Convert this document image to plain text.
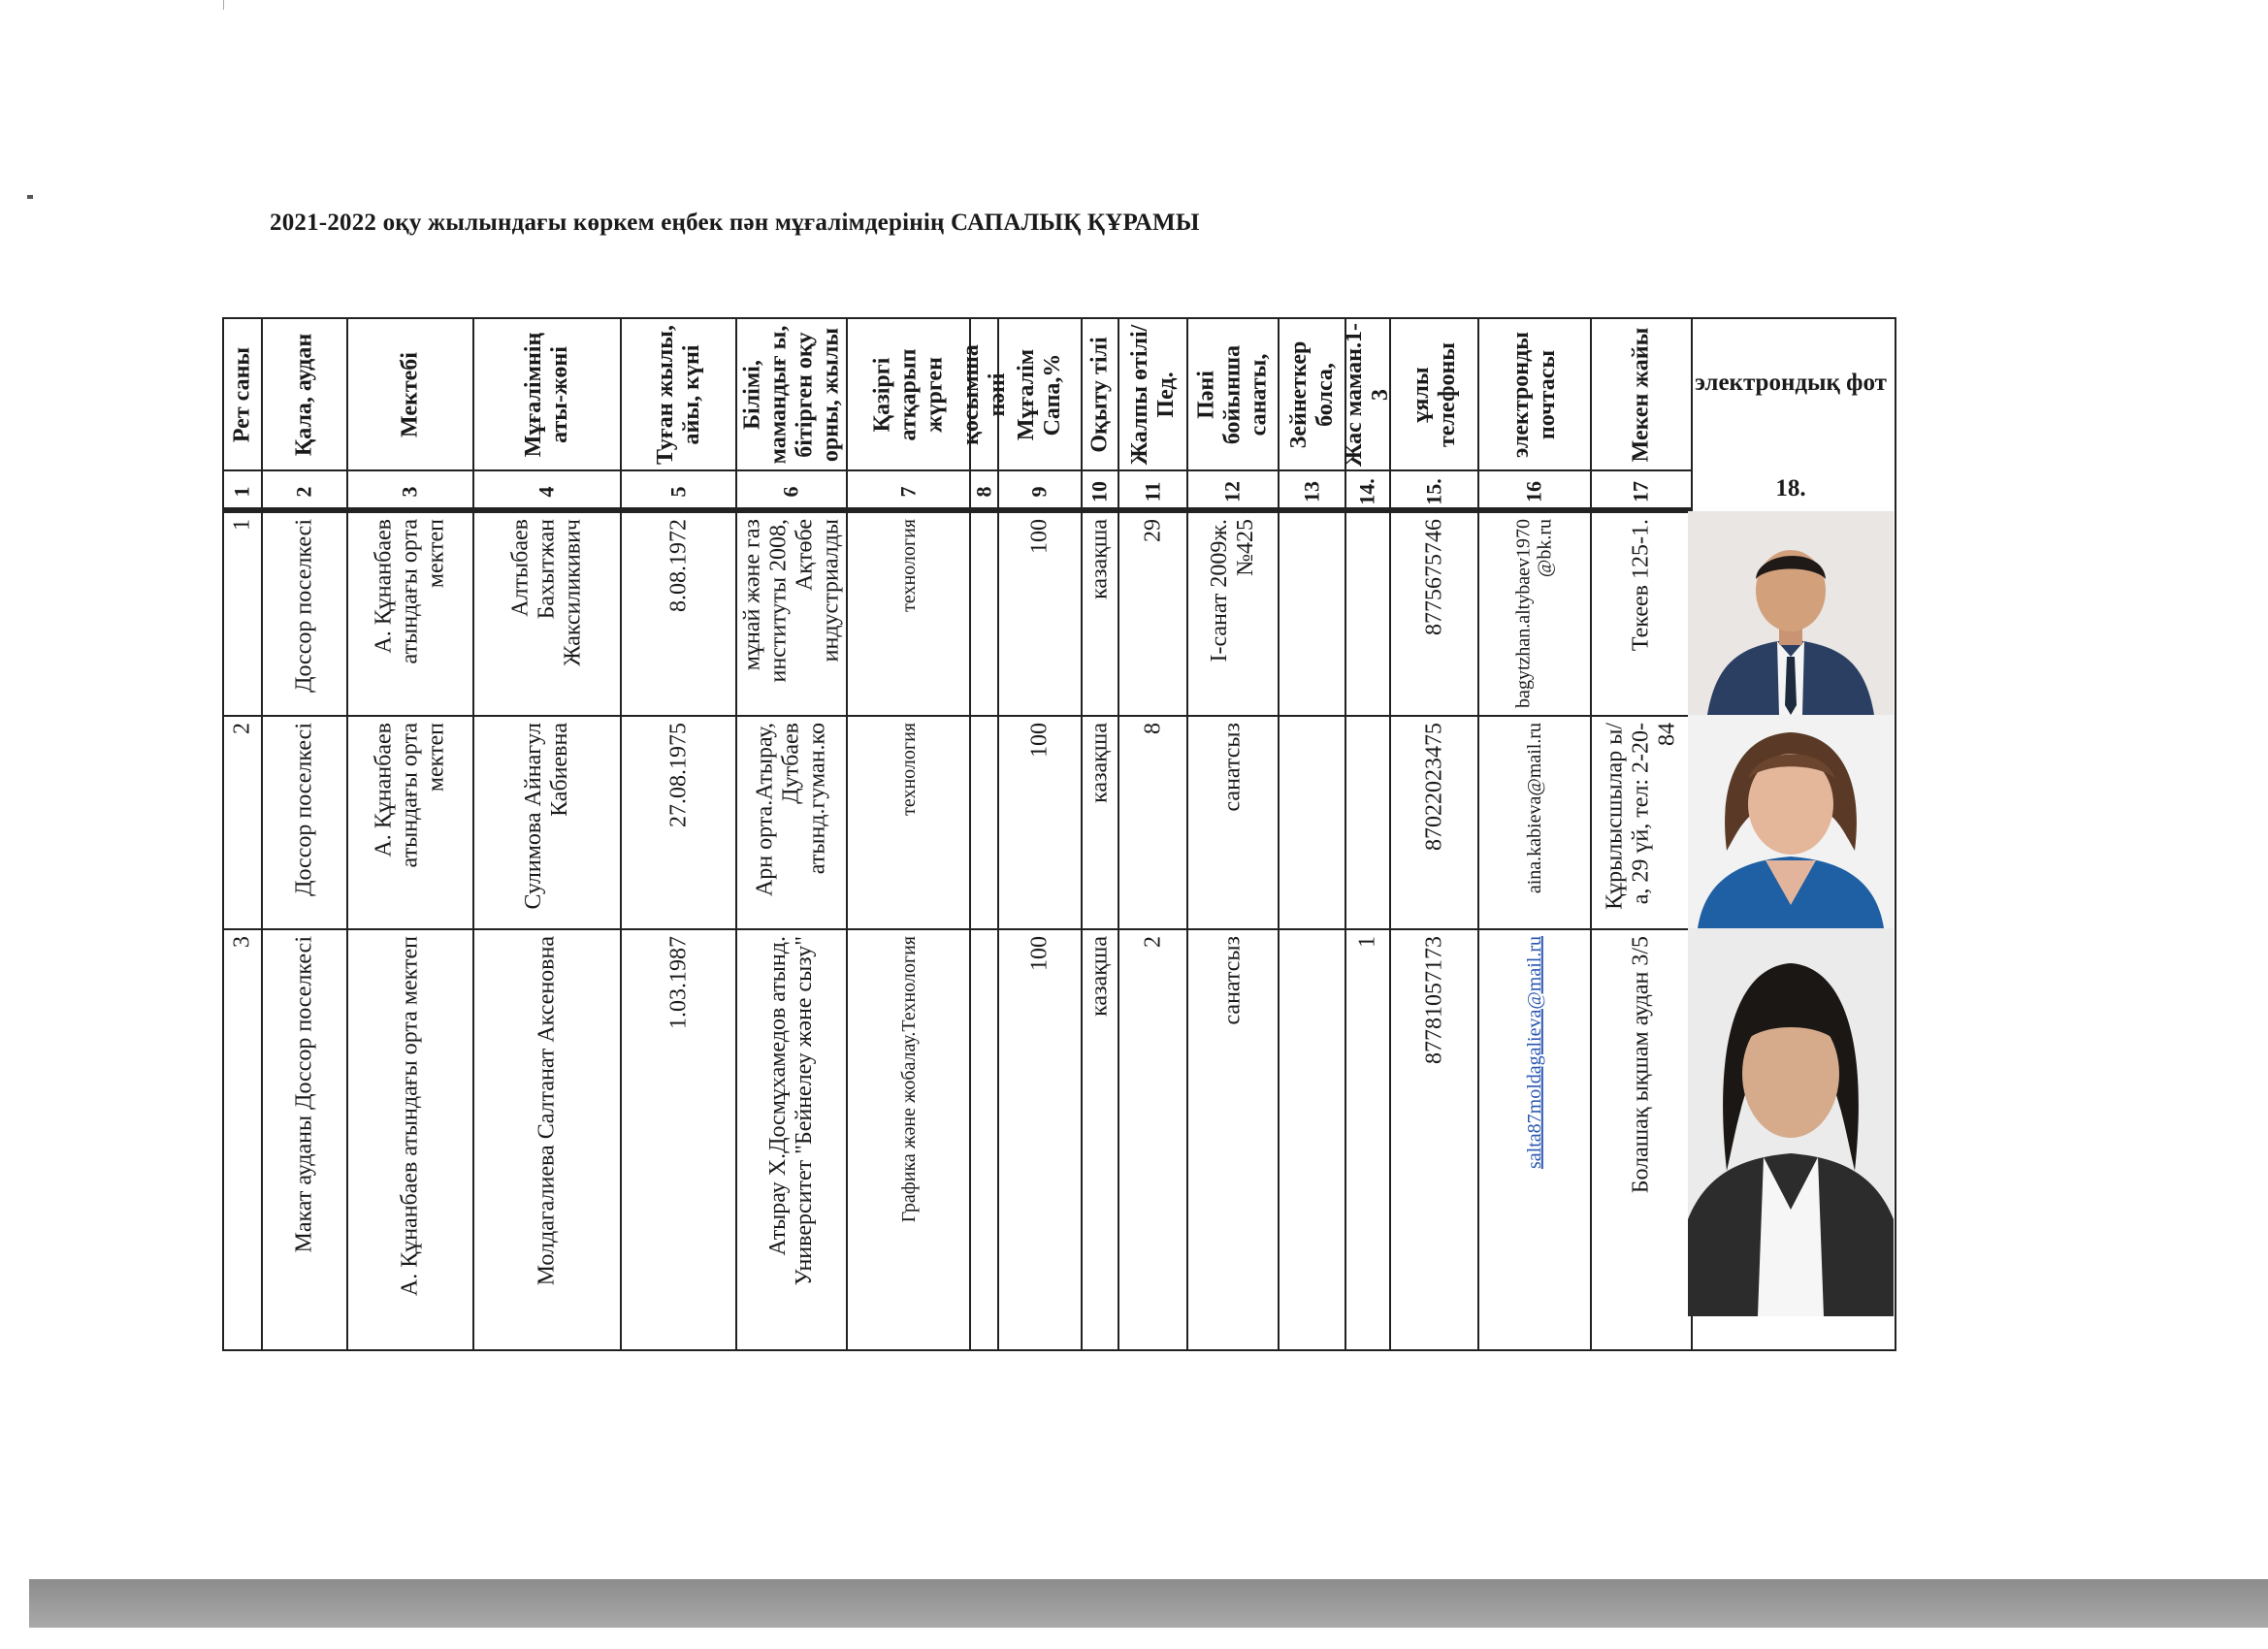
2021-2022 оқу жылындағы көркем еңбек пән мұғалімдерінің САПАЛЫҚ ҚҰРАМЫ
Рет саны
1
1
2
3
Қала, аудан
2
Доссор поселкесі
Доссор поселкесі
Макат ауданы Доссор поселкесі
Мектебі
3
А. Құнанбаев атындағы орта мектеп
А. Құнанбаев атындағы орта мектеп
А. Құнанбаев атындағы орта мектеп
Мұғалімнің аты-жөні
4
Алтыбаев Бахытжан Жаксиликивич
Сулимова Айнагул Кабиевна
Молдагалиева Салтанат Аксеновна
Туған жылы, айы, күні
5
8.08.1972
27.08.1975
1.03.1987
Білімі, мамандығ ы, бітірген оқу орны, жылы
6
мұнай және газ институты 2008, Ақтөбе индустриалды
Арн орта.Атырау, Дутбаев атынд.гуман.ко
Атырау Х.Досмұхамедов атынд. Университет "Бейнелеу және сызу"
Қазіргі атқарып жүрген
7
технология
технология
Графика және жобалау.Технология
қосымша пәні
8
Мұғалім Сапа,%
9
100
100
100
Оқыту тілі
10
казақша
казақша
казақша
Жалпы өтілі/Пед.
11
29
8
2
Пәні бойынша санаты,
12
I-санат 2009ж. №425
санатсыз
санатсыз
Зейнеткер болса,
13
Жас маман.1-3
14.
1
ұялы телефоны
15.
8775675746
87022023475
87781057173
электронды почтасы
16
bagytzhan.altybaev1970@bk.ru
aina.kabieva@mail.ru
salta87moldagalieva@mail.ru
Мекен жайы
17
Текеев 125-1.
Құрылысшылар ы/а, 29 үй, тел: 2-20-84
Болашақ ықшам аудан 3/5
электрондық фот
18.
